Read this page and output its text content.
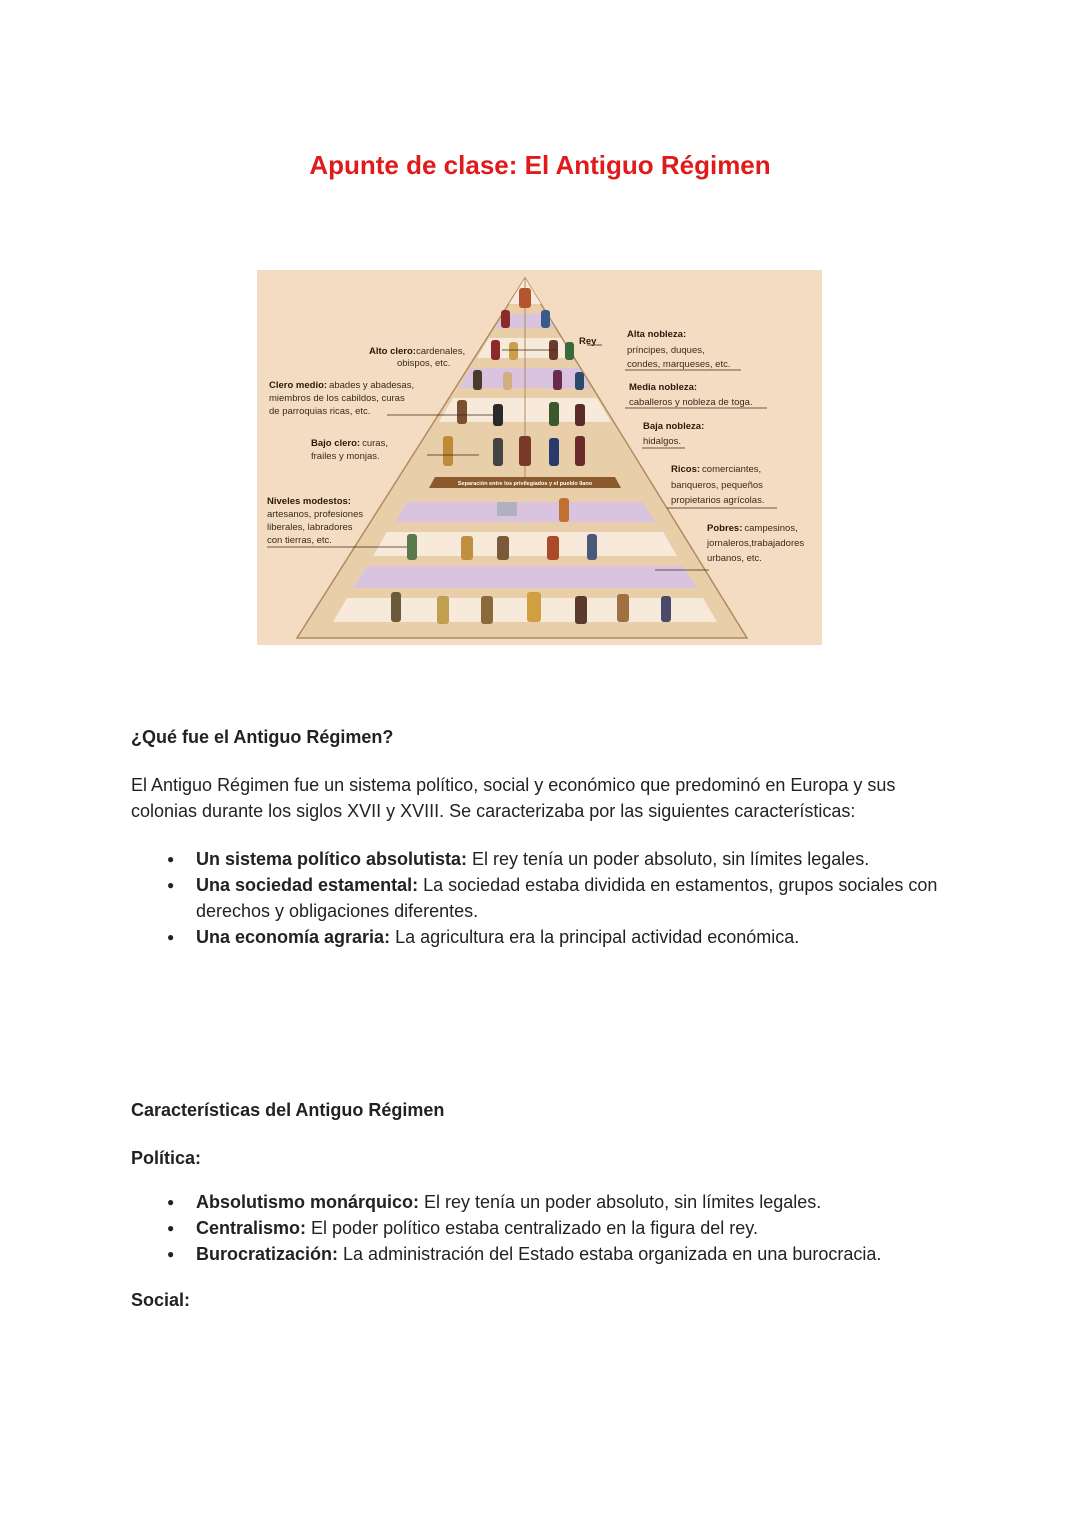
Apunte de clase: El Antiguo Régimen
Separación entre los privilegiados y el pueblo llano
Alto clero:cardenales,
obispos, etc.
Clero medio: abades y abadesas,
miembros de los cabildos, curas
de parroquias ricas, etc.
Bajo clero: curas,
frailes y monjas.
Niveles modestos:
artesanos, profesiones
liberales, labradores
con tierras, etc.
Rey
Alta nobleza:
príncipes, duques,
condes, marqueses, etc.
Media nobleza:
caballeros y nobleza de toga.
Baja nobleza:
hidalgos.
Ricos: comerciantes,
banqueros, pequeños
propietarios agrícolas.
Pobres: campesinos,
jornaleros,trabajadores
urbanos, etc.

¿Qué fue el Antiguo Régimen?

El Antiguo Régimen fue un sistema político, social y económico que predominó en Europa y sus colonias durante los siglos XVII y XVIII. Se caracterizaba por las siguientes características:

● Un sistema político absolutista: El rey tenía un poder absoluto, sin límites legales.
● Una sociedad estamental: La sociedad estaba dividida en estamentos, grupos sociales con derechos y obligaciones diferentes.
● Una economía agraria: La agricultura era la principal actividad económica.

Características del Antiguo Régimen

Política:

● Absolutismo monárquico: El rey tenía un poder absoluto, sin límites legales.
● Centralismo: El poder político estaba centralizado en la figura del rey.
● Burocratización: La administración del Estado estaba organizada en una burocracia.

Social:
